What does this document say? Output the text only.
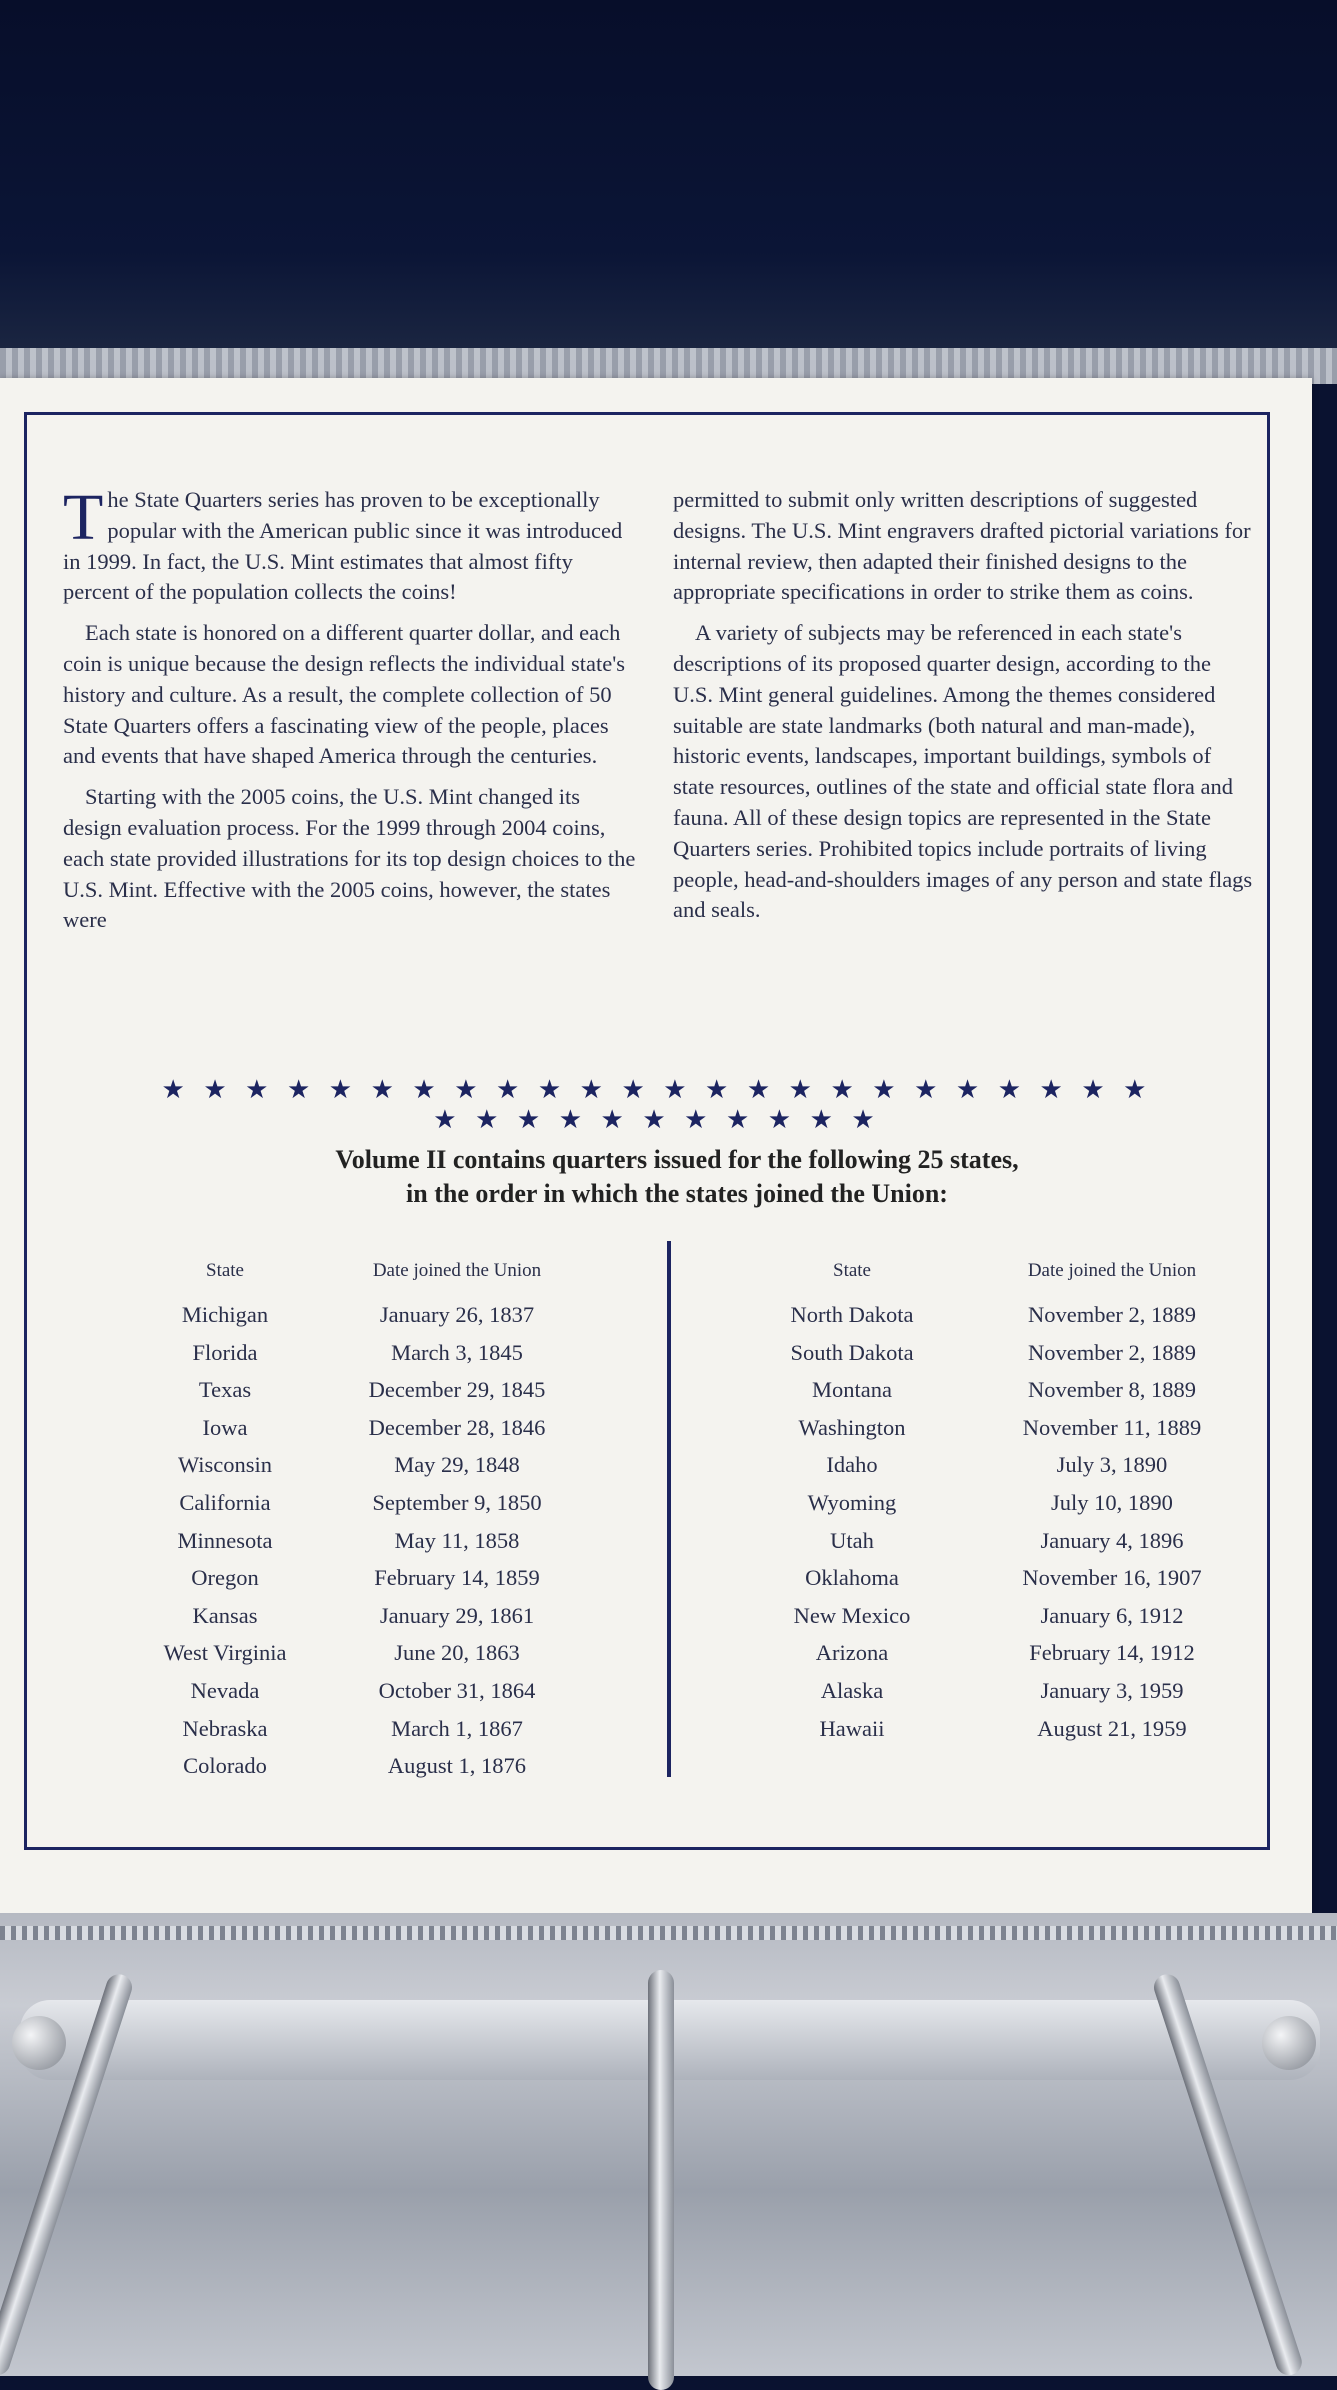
The State Quarters series has proven to be exceptionally popular with the American public since it was introduced in 1999. In fact, the U.S. Mint estimates that almost fifty percent of the population collects the coins!

Each state is honored on a different quarter dollar, and each coin is unique because the design reflects the individual state's history and culture. As a result, the complete collection of 50 State Quarters offers a fascinating view of the people, places and events that have shaped America through the centuries.

Starting with the 2005 coins, the U.S. Mint changed its design evaluation process. For the 1999 through 2004 coins, each state provided illustrations for its top design choices to the U.S. Mint. Effective with the 2005 coins, however, the states were

permitted to submit only written descriptions of suggested designs. The U.S. Mint engravers drafted pictorial variations for internal review, then adapted their finished designs to the appropriate specifications in order to strike them as coins.

A variety of subjects may be referenced in each state's descriptions of its proposed quarter design, according to the U.S. Mint general guidelines. Among the themes considered suitable are state landmarks (both natural and man-made), historic events, landscapes, important buildings, symbols of state resources, outlines of the state and official state flora and fauna. All of these design topics are represented in the State Quarters series. Prohibited topics include portraits of living people, head-and-shoulders images of any person and state flags and seals.

★ ★ ★ ★ ★ ★ ★ ★ ★ ★ ★ ★ ★ ★ ★ ★ ★ ★ ★ ★ ★ ★ ★ ★ ★ ★ ★ ★ ★ ★ ★ ★ ★ ★ ★
Volume II contains quarters issued for the following 25 states,
in the order in which the states joined the Union:
State	Date joined the Union
Michigan	January 26, 1837
Florida	March 3, 1845
Texas	December 29, 1845
Iowa	December 28, 1846
Wisconsin	May 29, 1848
California	September 9, 1850
Minnesota	May 11, 1858
Oregon	February 14, 1859
Kansas	January 29, 1861
West Virginia	June 20, 1863
Nevada	October 31, 1864
Nebraska	March 1, 1867
Colorado	August 1, 1876
State	Date joined the Union
North Dakota	November 2, 1889
South Dakota	November 2, 1889
Montana	November 8, 1889
Washington	November 11, 1889
Idaho	July 3, 1890
Wyoming	July 10, 1890
Utah	January 4, 1896
Oklahoma	November 16, 1907
New Mexico	January 6, 1912
Arizona	February 14, 1912
Alaska	January 3, 1959
Hawaii	August 21, 1959
